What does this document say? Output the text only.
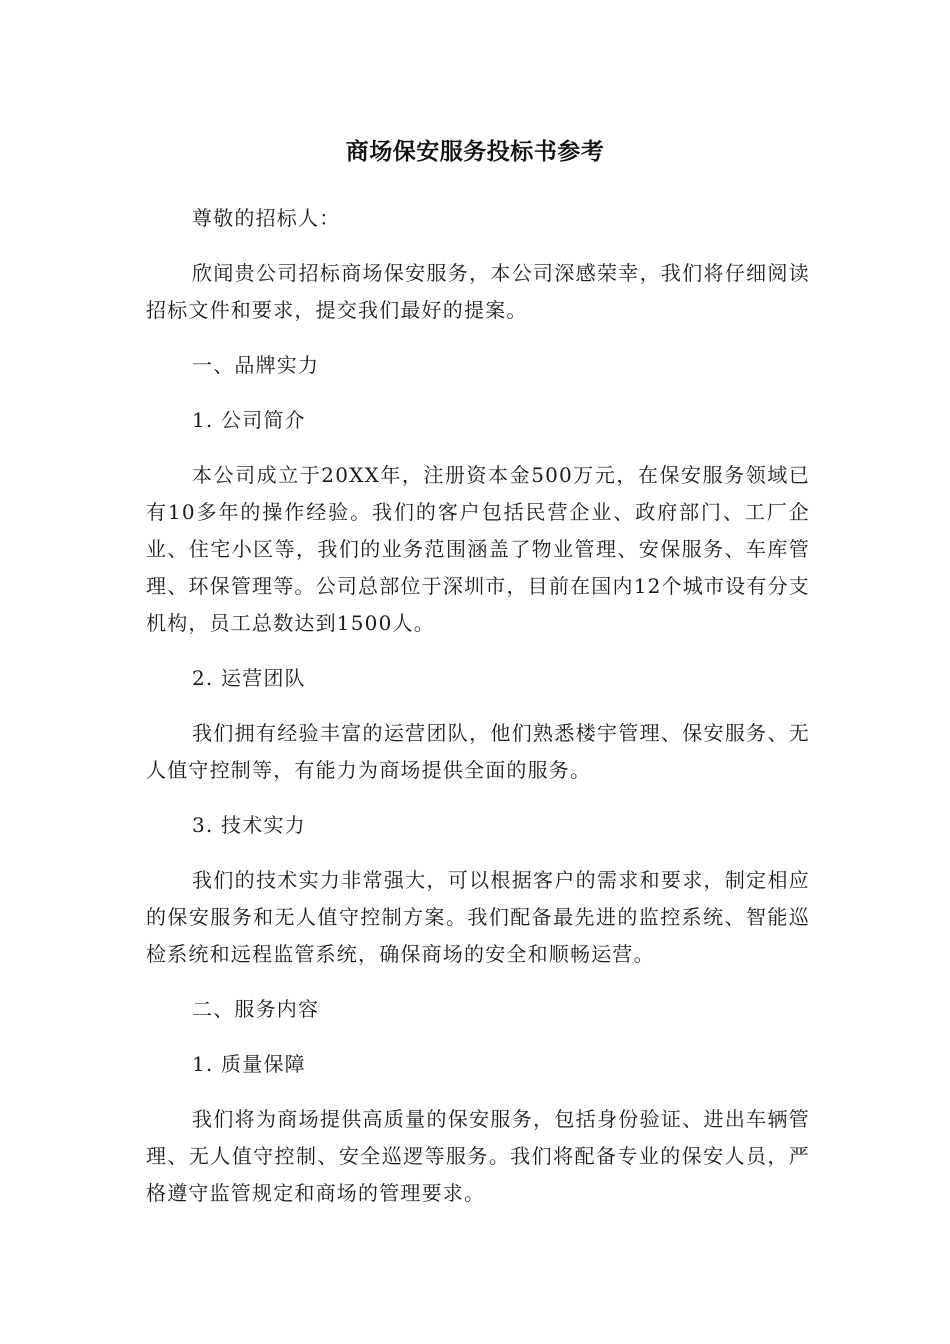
商场保安服务投标书参考

尊敬的招标人：

欣闻贵公司招标商场保安服务，本公司深感荣幸，我们将仔细阅读招标文件和要求，提交我们最好的提案。

一、品牌实力

1. 公司简介

本公司成立于20XX年，注册资本金500万元，在保安服务领域已有10多年的操作经验。我们的客户包括民营企业、政府部门、工厂企业、住宅小区等，我们的业务范围涵盖了物业管理、安保服务、车库管理、环保管理等。公司总部位于深圳市，目前在国内12个城市设有分支机构，员工总数达到1500人。

2. 运营团队

我们拥有经验丰富的运营团队，他们熟悉楼宇管理、保安服务、无人值守控制等，有能力为商场提供全面的服务。

3. 技术实力

我们的技术实力非常强大，可以根据客户的需求和要求，制定相应的保安服务和无人值守控制方案。我们配备最先进的监控系统、智能巡检系统和远程监管系统，确保商场的安全和顺畅运营。

二、服务内容

1. 质量保障

我们将为商场提供高质量的保安服务，包括身份验证、进出车辆管理、无人值守控制、安全巡逻等服务。我们将配备专业的保安人员，严格遵守监管规定和商场的管理要求。
